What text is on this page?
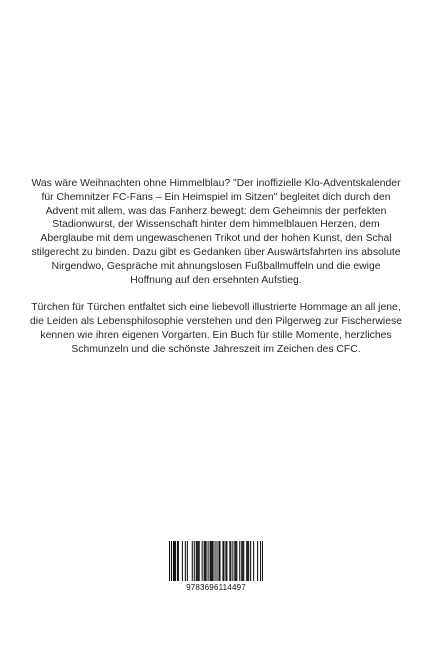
Was wäre Weihnachten ohne Himmelblau? "Der inoffizielle Klo-Adventskalender für Chemnitzer FC-Fans – Ein Heimspiel im Sitzen" begleitet dich durch den Advent mit allem, was das Fanherz bewegt: dem Geheimnis der perfekten Stadionwurst, der Wissenschaft hinter dem himmelblauen Herzen, dem Aberglaube mit dem ungewaschenen Trikot und der hohen Kunst, den Schal stilgerecht zu binden. Dazu gibt es Gedanken über Auswärtsfahrten ins absolute Nirgendwo, Gespräche mit ahnungslosen Fußballmuffeln und die ewige Hoffnung auf den ersehnten Aufstieg.

Türchen für Türchen entfaltet sich eine liebevoll illustrierte Hommage an all jene, die Leiden als Lebensphilosophie verstehen und den Pilgerweg zur Fischerwiese kennen wie ihren eigenen Vorgarten. Ein Buch für stille Momente, herzliches Schmunzeln und die schönste Jahreszeit im Zeichen des CFC.

9783696114497
